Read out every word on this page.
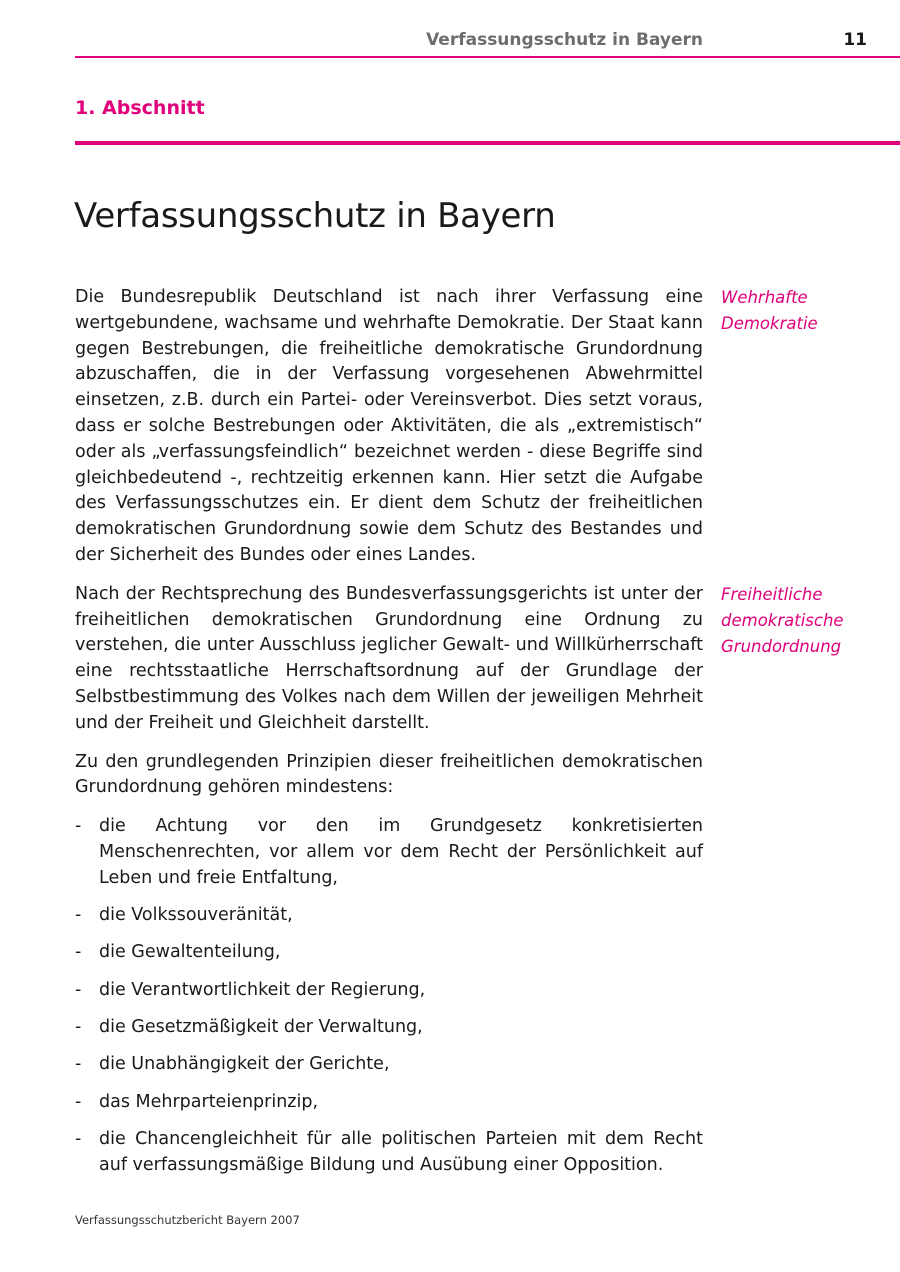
Verfassungsschutz in Bayern	11
1. Abschnitt
Verfassungsschutz in Bayern

Die Bundesrepublik Deutschland ist nach ihrer Verfassung eine wertgebundene, wachsame und wehrhafte Demokratie. Der Staat kann gegen Bestrebungen, die freiheitliche demokratische Grundordnung abzuschaffen, die in der Verfassung vorgesehenen Abwehrmittel einsetzen, z.B. durch ein Partei- oder Vereinsverbot. Dies setzt voraus, dass er solche Bestrebungen oder Aktivitäten, die als „extremistisch“ oder als „verfassungsfeindlich“ bezeichnet werden - diese Begriffe sind gleichbedeutend -, rechtzeitig erkennen kann. Hier setzt die Aufgabe des Verfassungsschutzes ein. Er dient dem Schutz der freiheitlichen demokratischen Grundordnung sowie dem Schutz des Bestandes und der Sicherheit des Bundes oder eines Landes.

Nach der Rechtsprechung des Bundesverfassungsgerichts ist unter der freiheitlichen demokratischen Grundordnung eine Ordnung zu verstehen, die unter Ausschluss jeglicher Gewalt- und Willkürherrschaft eine rechtsstaatliche Herrschaftsordnung auf der Grundlage der Selbstbestimmung des Volkes nach dem Willen der jeweiligen Mehrheit und der Freiheit und Gleichheit darstellt.

Zu den grundlegenden Prinzipien dieser freiheitlichen demokratischen Grundordnung gehören mindestens:

- die Achtung vor den im Grundgesetz konkretisierten Menschenrechten, vor allem vor dem Recht der Persönlichkeit auf Leben und freie Entfaltung,
- die Volkssouveränität,
- die Gewaltenteilung,
- die Verantwortlichkeit der Regierung,
- die Gesetzmäßigkeit der Verwaltung,
- die Unabhängigkeit der Gerichte,
- das Mehrparteienprinzip,
- die Chancengleichheit für alle politischen Parteien mit dem Recht auf verfassungsmäßige Bildung und Ausübung einer Opposition.
Wehrhafte
Demokratie
Freiheitliche
demokratische
Grundordnung
Verfassungsschutzbericht Bayern 2007
